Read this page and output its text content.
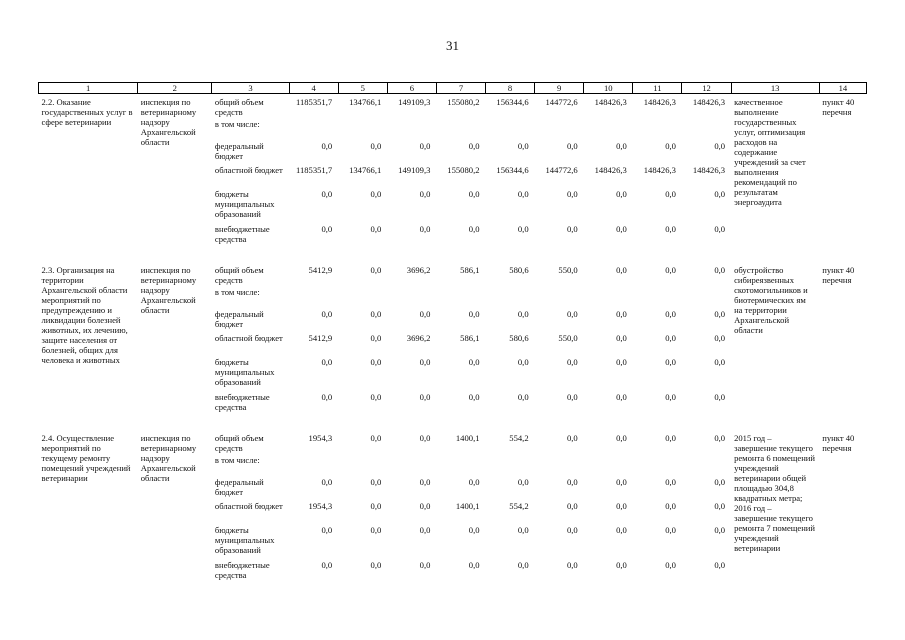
31
1	2	3	4	5	6	7	8	9	10	11	12	13	14
2.2. Оказание государственных услуг в сфере ветеринарии	инспекция по ветеринарному надзору Архангельской области	общий объем средств	1185351,7	134766,1	149109,3	155080,2	156344,6	144772,6	148426,3	148426,3	148426,3	качественное выполнение государственных услуг, оптимизация расходов на содержание учреждений за счет выполнения рекомендаций по результатам энергоаудита	пункт 40 перечня
		в том числе:											
		федеральный бюджет	0,0	0,0	0,0	0,0	0,0	0,0	0,0	0,0	0,0		
		областной бюджет	1185351,7	134766,1	149109,3	155080,2	156344,6	144772,6	148426,3	148426,3	148426,3		
		бюджеты муниципальных образований	0,0	0,0	0,0	0,0	0,0	0,0	0,0	0,0	0,0		
		внебюджетные средства	0,0	0,0	0,0	0,0	0,0	0,0	0,0	0,0	0,0		

2.3. Организация на территории Архангельской области мероприятий по предупреждению и ликвидации болезней животных, их лечению, защите населения от болезней, общих для человека и животных	инспекция по ветеринарному надзору Архангельской области	общий объем средств	5412,9	0,0	3696,2	586,1	580,6	550,0	0,0	0,0	0,0	обустройство сибиреязвенных скотомогильников и биотермических ям на территории Архангельской области	пункт 40 перечня
		в том числе:											
		федеральный бюджет	0,0	0,0	0,0	0,0	0,0	0,0	0,0	0,0	0,0		
		областной бюджет	5412,9	0,0	3696,2	586,1	580,6	550,0	0,0	0,0	0,0		
		бюджеты муниципальных образований	0,0	0,0	0,0	0,0	0,0	0,0	0,0	0,0	0,0		
		внебюджетные средства	0,0	0,0	0,0	0,0	0,0	0,0	0,0	0,0	0,0		

2.4. Осуществление мероприятий по текущему ремонту помещений учреждений ветеринарии	инспекция по ветеринарному надзору Архангельской области	общий объем средств	1954,3	0,0	0,0	1400,1	554,2	0,0	0,0	0,0	0,0	2015 год – завершение текущего ремонта 6 помещений учреждений ветеринарии общей площадью 304,8 квадратных метра; 2016 год – завершение текущего ремонта 7 помещений учреждений ветеринарии	пункт 40 перечня
		в том числе:											
		федеральный бюджет	0,0	0,0	0,0	0,0	0,0	0,0	0,0	0,0	0,0		
		областной бюджет	1954,3	0,0	0,0	1400,1	554,2	0,0	0,0	0,0	0,0		
		бюджеты муниципальных образований	0,0	0,0	0,0	0,0	0,0	0,0	0,0	0,0	0,0		
		внебюджетные средства	0,0	0,0	0,0	0,0	0,0	0,0	0,0	0,0	0,0		
